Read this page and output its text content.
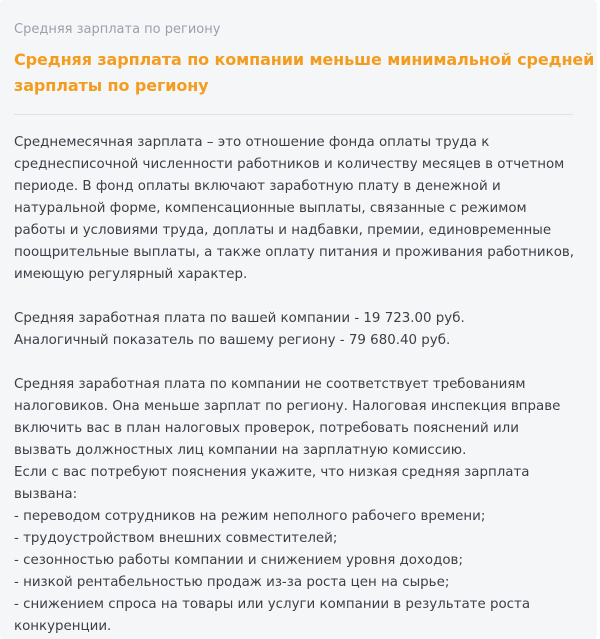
Средняя зарплата по региону

Средняя зарплата по компании меньше минимальной средней
зарплаты по региону

Среднемесячная зарплата – это отношение фонда оплаты труда к
среднесписочной численности работников и количеству месяцев в отчетном
периоде. В фонд оплаты включают заработную плату в денежной и
натуральной форме, компенсационные выплаты, связанные с режимом
работы и условиями труда, доплаты и надбавки, премии, единовременные
поощрительные выплаты, а также оплату питания и проживания работников,
имеющую регулярный характер.

Средняя заработная плата по вашей компании - 19 723.00 руб.
Аналогичный показатель по вашему региону - 79 680.40 руб.

Средняя заработная плата по компании не соответствует требованиям
налоговиков. Она меньше зарплат по региону. Налоговая инспекция вправе
включить вас в план налоговых проверок, потребовать пояснений или
вызвать должностных лиц компании на зарплатную комиссию.
Если с вас потребуют пояснения укажите, что низкая средняя зарплата
вызвана:
- переводом сотрудников на режим неполного рабочего времени;
- трудоустройством внешних совместителей;
- сезонностью работы компании и снижением уровня доходов;
- низкой рентабельностью продаж из-за роста цен на сырье;
- снижением спроса на товары или услуги компании в результате роста
конкуренции.
